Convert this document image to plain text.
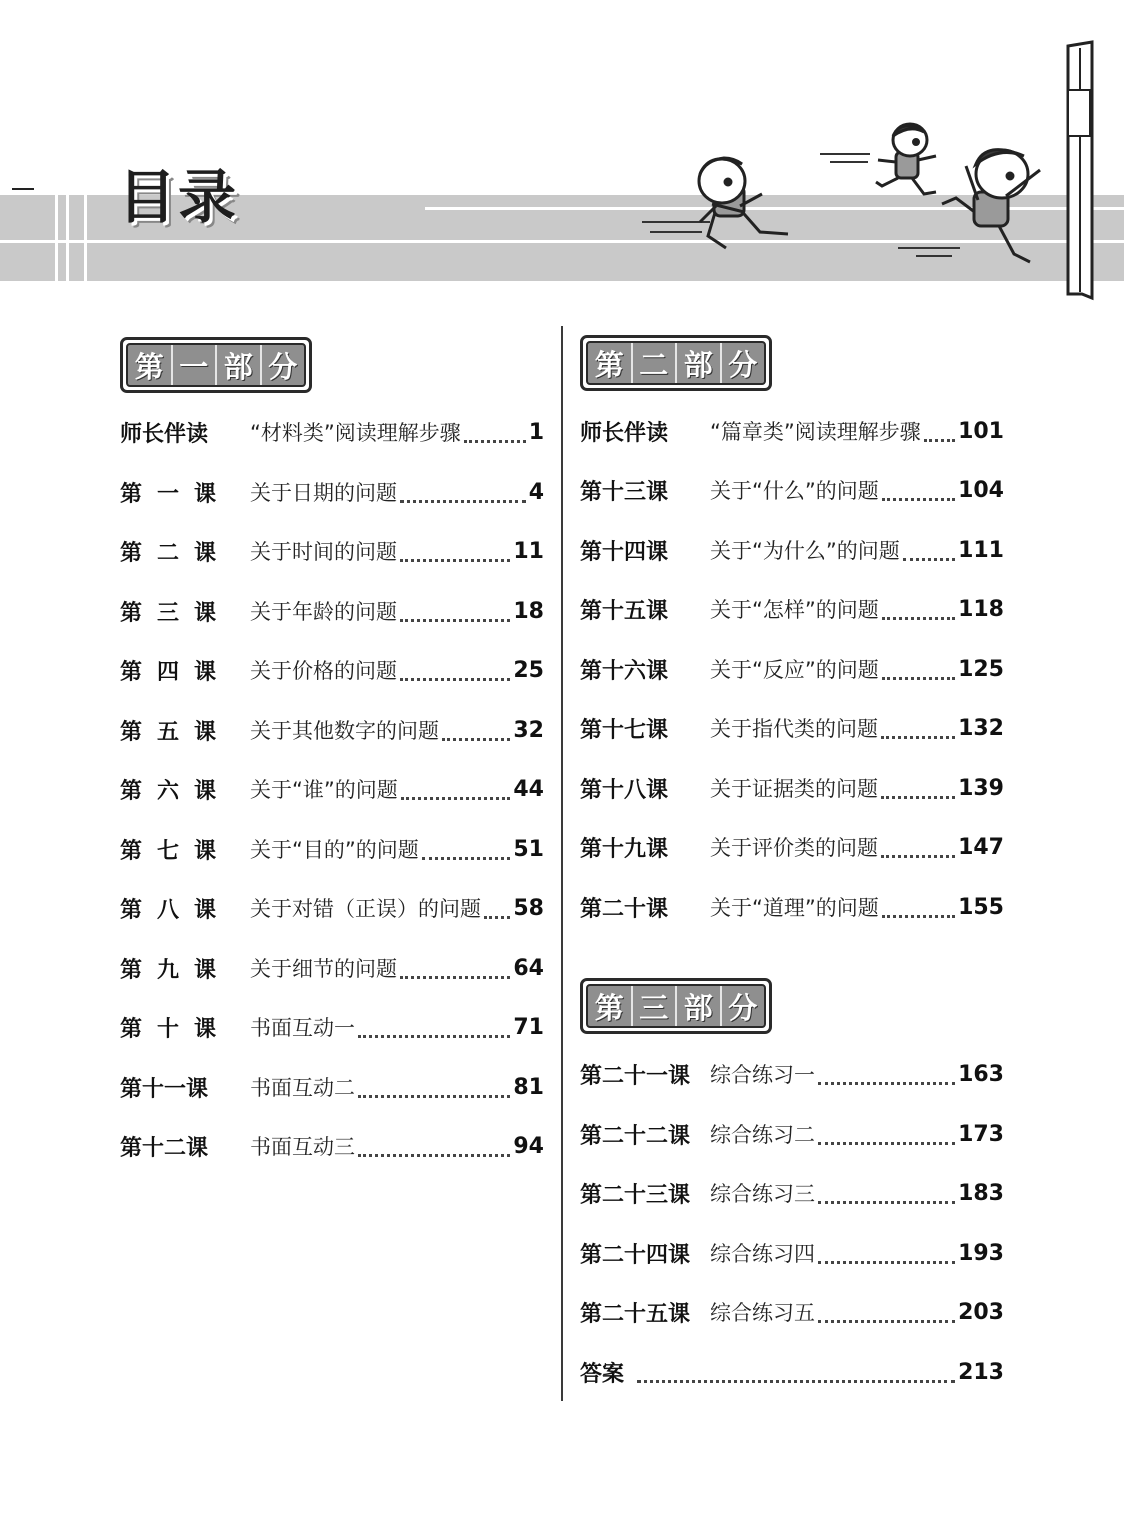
目录
第 一 部 分	第 二 部 分
第 三 部 分
师长伴读	“材料类”阅读理解步骤	1
第 一 课 关于日期的问题	4
第 二 课 关于时间的问题	11
第 三 课 关于年龄的问题	18
第 四 课 关于价格的问题	25
第 五 课 关于其他数字的问题	32
第 六 课 关于“谁”的问题	44
第 七 课 关于“目的”的问题	51
第 八 课 关于对错（正误）的问题 58
第 九 课 关于细节的问题	64
第 十 课 书面互动一	71
第十一课	书面互动二	81
第十二课	书面互动三	94
师长伴读	“篇章类”阅读理解步骤 101
第十三课	关于“什么”的问题	104
第十四课	关于“为什么”的问题	111
第十五课	关于“怎样”的问题	118
第十六课	关于“反应”的问题	125
第十七课	关于指代类的问题	132
第十八课	关于证据类的问题	139
第十九课	关于评价类的问题	147
第二十课	关于“道理”的问题	155
第二十一课 综合练习一	163
第二十二课 综合练习二	173
第二十三课 综合练习三	183
第二十四课 综合练习四	193
第二十五课 综合练习五	203
答案	213
